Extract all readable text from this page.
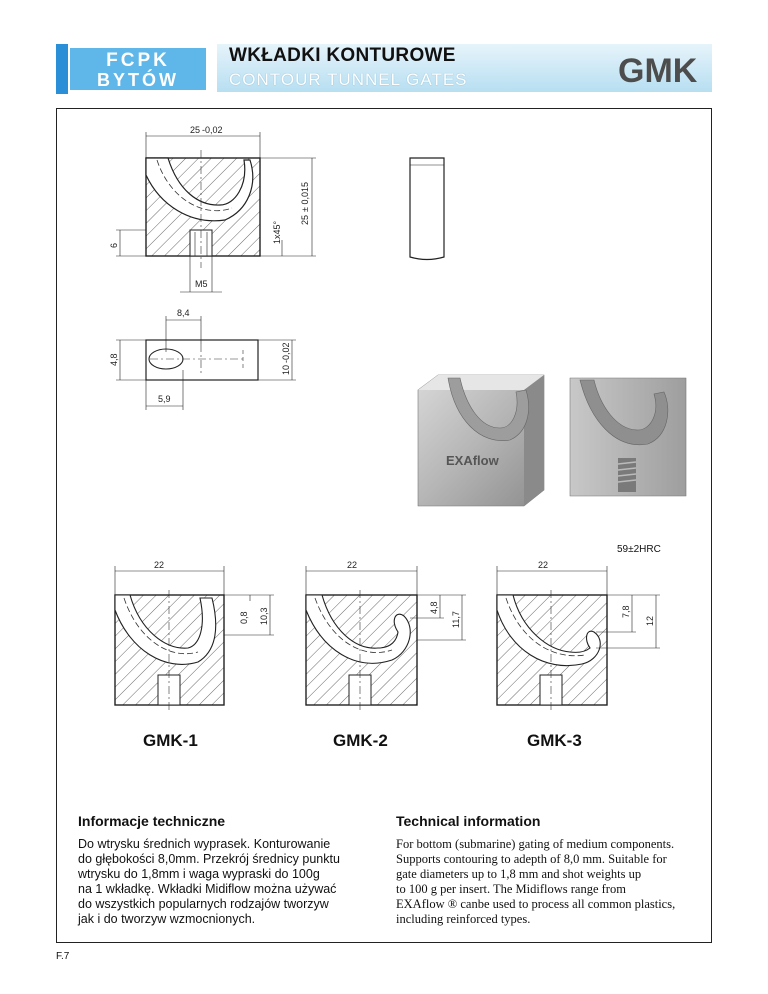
FCPK
BYTÓW
WKŁADKI KONTUROWE
CONTOUR TUNNEL GATES	GMK
25 -0,02
25
± 0,015
1x45°
6
M5
8,4
4,8
10
-0,02
5,9
EXAflow
22
0,8 10,3
22
4,8
11,7
22
7,8
12
59±2HRC
GMK-1	GMK-2	GMK-3
Informacje techniczne	Technical information
Do wtrysku średnich wyprasek. Konturowanie
do głębokości 8,0mm. Przekrój średnicy punktu
wtrysku do 1,8mm i waga wypraski do 100g
na 1 wkładkę. Wkładki Midiflow można używać
do wszystkich popularnych rodzajów tworzyw
jak i do tworzyw wzmocnionych.
For bottom (submarine) gating of medium components.
Supports contouring to adepth of 8,0 mm. Suitable for
gate diameters up to 1,8 mm and shot weights up
to 100 g per insert. The Midiflows range from
EXAflow ® canbe used to process all common plastics,
including reinforced types.
F.7
